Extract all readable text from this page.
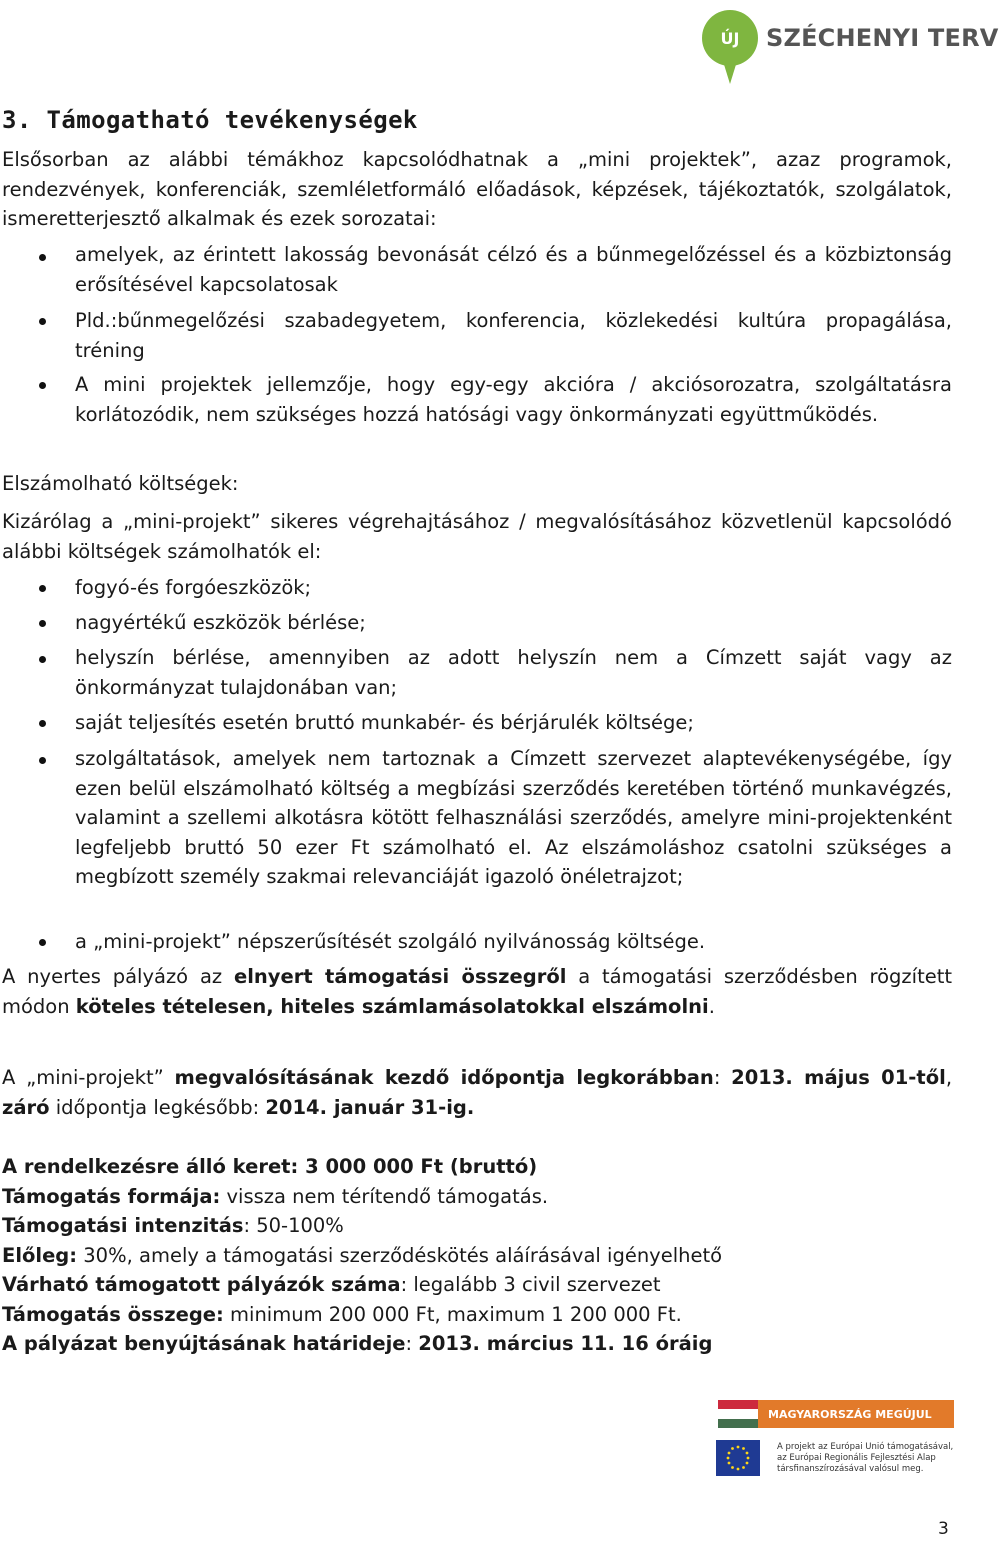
ÚJ	SZÉCHENYI TERV
3. Támogatható tevékenységek
Elsősorban az alábbi témákhoz kapcsolódhatnak a „mini projektek”, azaz programok, rendezvények, konferenciák, szemléletformáló előadások, képzések, tájékoztatók, szolgálatok, ismeretterjesztő alkalmak és ezek sorozatai:
amelyek, az érintett lakosság bevonását célzó és a bűnmegelőzéssel és a közbiztonság erősítésével kapcsolatosak
Pld.:bűnmegelőzési szabadegyetem, konferencia, közlekedési kultúra propagálása, tréning
A mini projektek jellemzője, hogy egy-egy akcióra / akciósorozatra, szolgáltatásra korlátozódik, nem szükséges hozzá hatósági vagy önkormányzati együttműködés.
Elszámolható költségek:
Kizárólag a „mini-projekt” sikeres végrehajtásához / megvalósításához közvetlenül kapcsolódó alábbi költségek számolhatók el:
fogyó-és forgóeszközök;
nagyértékű eszközök bérlése;
helyszín bérlése, amennyiben az adott helyszín nem a Címzett saját vagy az önkormányzat tulajdonában van;
saját teljesítés esetén bruttó munkabér- és bérjárulék költsége;
szolgáltatások, amelyek nem tartoznak a Címzett szervezet alaptevékenységébe, így ezen belül elszámolható költség a megbízási szerződés keretében történő munkavégzés, valamint a szellemi alkotásra kötött felhasználási szerződés, amelyre mini-projektenként legfeljebb bruttó 50 ezer Ft számolható el. Az elszámoláshoz csatolni szükséges a megbízott személy szakmai relevanciáját igazoló önéletrajzot;
a „mini-projekt” népszerűsítését szolgáló nyilvánosság költsége.
A nyertes pályázó az elnyert támogatási összegről a támogatási szerződésben rögzített módon köteles tételesen, hiteles számlamásolatokkal elszámolni.
A „mini-projekt” megvalósításának kezdő időpontja legkorábban: 2013. május 01-től, záró időpontja legkésőbb: 2014. január 31-ig.
A rendelkezésre álló keret: 3 000 000 Ft (bruttó)
Támogatás formája: vissza nem térítendő támogatás.
Támogatási intenzitás: 50-100%
Előleg: 30%, amely a támogatási szerződéskötés aláírásával igényelhető
Várható támogatott pályázók száma: legalább 3 civil szervezet
Támogatás összege: minimum 200 000 Ft, maximum 1 200 000 Ft.
A pályázat benyújtásának határideje: 2013. március 11. 16 óráig
MAGYARORSZÁG MEGÚJUL
A projekt az Európai Unió támogatásával, az Európai Regionális Fejlesztési Alap társfinanszírozásával valósul meg.
3
